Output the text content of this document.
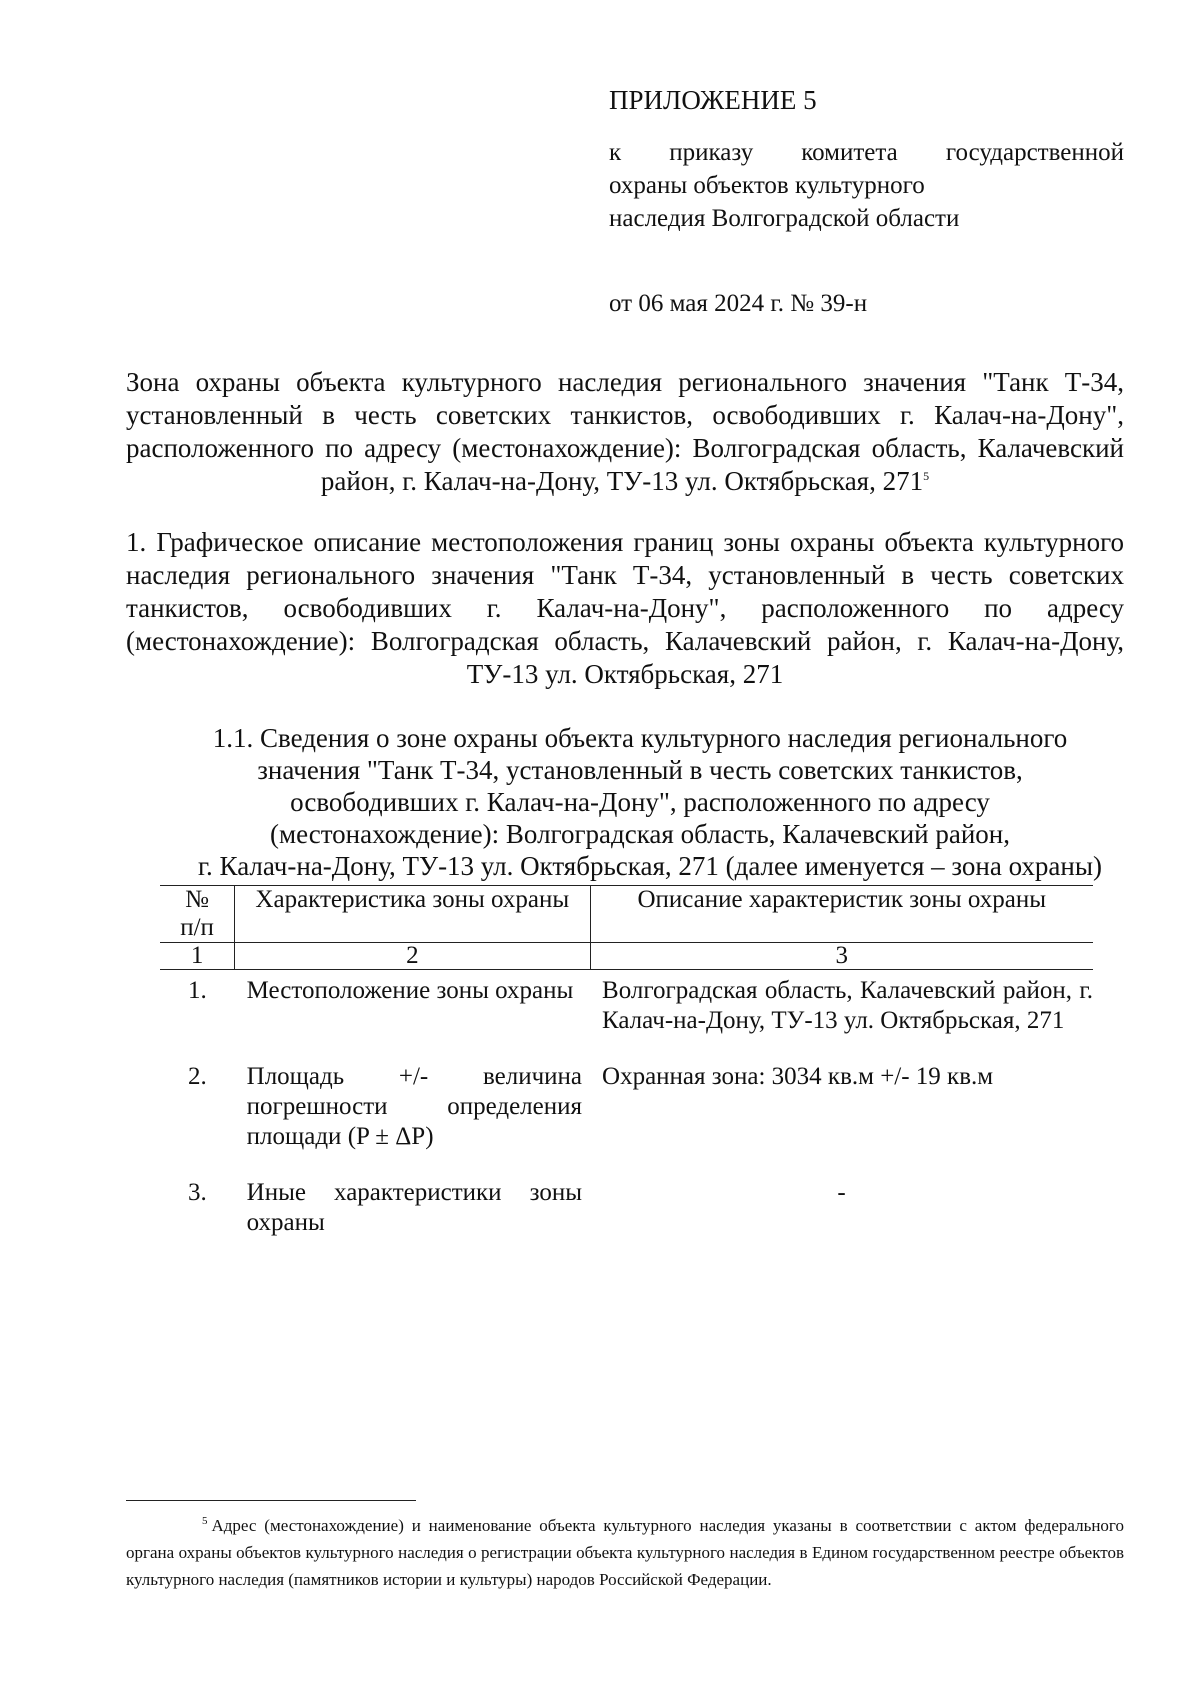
ПРИЛОЖЕНИЕ 5

к приказу комитета государственной
охраны объектов культурного
наследия Волгоградской области

от 06 мая 2024 г. № 39-н

Зона охраны объекта культурного наследия регионального значения "Танк Т-34, установленный в честь советских танкистов, освободивших г. Калач-на-Дону", расположенного по адресу (местонахождение): Волгоградская область, Калачевский район, г. Калач-на-Дону, ТУ-13 ул. Октябрьская, 271$^5$

1. Графическое описание местоположения границ зоны охраны объекта культурного наследия регионального значения "Танк Т-34, установленный в честь советских танкистов, освободивших г. Калач-на-Дону", расположенного по адресу (местонахождение): Волгоградская область, Калачевский район, г. Калач-на-Дону, ТУ-13 ул. Октябрьская, 271

1.1. Сведения о зоне охраны объекта культурного наследия регионального
значения "Танк Т-34, установленный в честь советских танкистов,
освободивших г. Калач-на-Дону", расположенного по адресу
(местонахождение): Волгоградская область, Калачевский район,
г. Калач-на-Дону, ТУ-13 ул. Октябрьская, 271 (далее именуется – зона охраны)
№
п/п	Характеристика зоны охраны	Описание характеристик зоны охраны
1	2	3
1.	Местоположение зоны охраны	Волгоградская область, Калачевский район, г. Калач-на-Дону, ТУ-13 ул. Октябрьская, 271
2.	Площадь +/- величина
погрешности определения
площади (P ± ΔP)	Охранная зона: 3034 кв.м +/- 19 кв.м
3.	Иные характеристики зоны
охраны	-

$^5$ Адрес (местонахождение) и наименование объекта культурного наследия указаны в соответствии с актом федерального органа охраны объектов культурного наследия о регистрации объекта культурного наследия в Едином государственном реестре объектов культурного наследия (памятников истории и культуры) народов Российской Федерации.
